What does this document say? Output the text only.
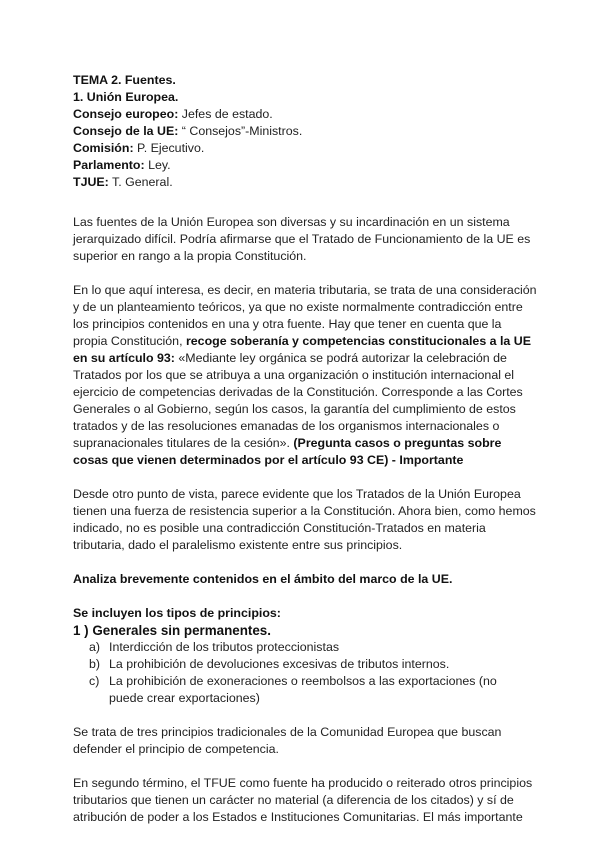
TEMA 2. Fuentes.
1. Unión Europea.
Consejo europeo: Jefes de estado.
Consejo de la UE: “ Consejos”-Ministros.
Comisión: P. Ejecutivo.
Parlamento: Ley.
TJUE: T. General.

Las fuentes de la Unión Europea son diversas y su incardinación en un sistema
jerarquizado difícil. Podría afirmarse que el Tratado de Funcionamiento de la UE es
superior en rango a la propia Constitución.

En lo que aquí interesa, es decir, en materia tributaria, se trata de una consideración
y de un planteamiento teóricos, ya que no existe normalmente contradicción entre
los principios contenidos en una y otra fuente. Hay que tener en cuenta que la
propia Constitución, recoge soberanía y competencias constitucionales a la UE
en su artículo 93: «Mediante ley orgánica se podrá autorizar la celebración de
Tratados por los que se atribuya a una organización o institución internacional el
ejercicio de competencias derivadas de la Constitución. Corresponde a las Cortes
Generales o al Gobierno, según los casos, la garantía del cumplimiento de estos
tratados y de las resoluciones emanadas de los organismos internacionales o
supranacionales titulares de la cesión». (Pregunta casos o preguntas sobre
cosas que vienen determinados por el artículo 93 CE) - Importante

Desde otro punto de vista, parece evidente que los Tratados de la Unión Europea
tienen una fuerza de resistencia superior a la Constitución. Ahora bien, como hemos
indicado, no es posible una contradicción Constitución-Tratados en materia
tributaria, dado el paralelismo existente entre sus principios.

Analiza brevemente contenidos en el ámbito del marco de la UE.

Se incluyen los tipos de principios:
1 ) Generales sin permanentes.
a) Interdicción de los tributos proteccionistas
b) La prohibición de devoluciones excesivas de tributos internos.
c) La prohibición de exoneraciones o reembolsos a las exportaciones (no puede crear exportaciones)

Se trata de tres principios tradicionales de la Comunidad Europea que buscan
defender el principio de competencia.

En segundo término, el TFUE como fuente ha producido o reiterado otros principios
tributarios que tienen un carácter no material (a diferencia de los citados) y sí de
atribución de poder a los Estados e Instituciones Comunitarias. El más importante
